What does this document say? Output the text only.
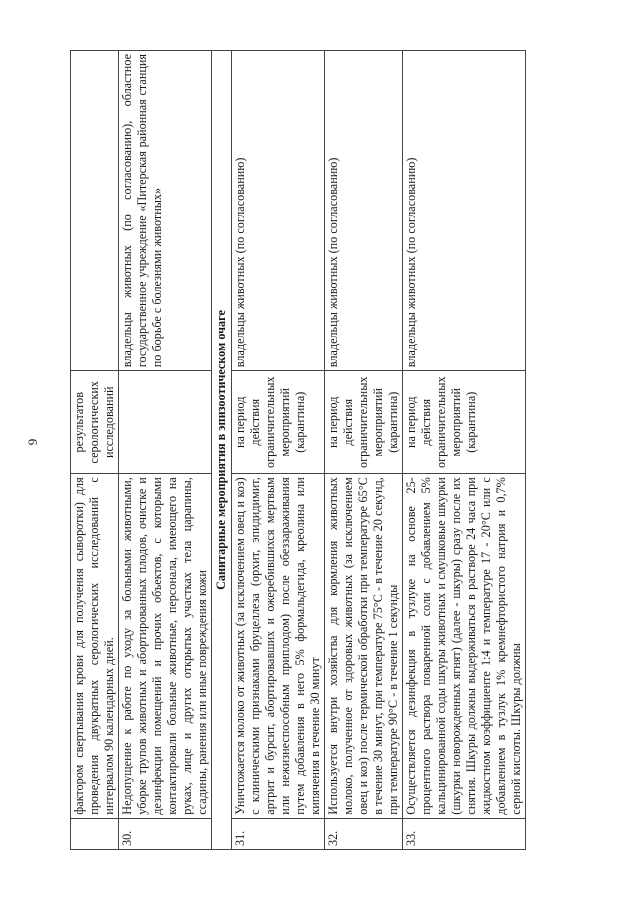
9
	фактором свертывания крови для получения сыворотки) для проведения двукратных серологических исследований с интервалом 90 календарных дней.	результатов серологических исследований	
30.	Недопущение к работе по уходу за больными животными, уборке трупов животных и абортированных плодов, очистке и дезинфекции помещений и прочих объектов, с которыми контактировали больные животные, персонала, имеющего на руках, лице и других открытых участках тела царапины, ссадины, ранения или иные повреждения кожи		владельцы животных (по согласованию), областное государственное учреждение «Питерская районная станция по борьбе с болезнями животных»
Санитарные мероприятия в эпизоотическом очаге			
31.	Уничтожается молоко от животных (за исключением овец и коз) с клиническими признаками бруцеллеза (орхит, эпидидимит, артрит и бурсит, абортировавших и ожеребившихся мертвым или нежизнеспособным приплодом) после обеззараживания путем добавления в него 5% формальдегида, креолина или кипячения в течение 30 минут	на период действия ограничительных мероприятий (карантина)	владельцы животных (по согласованию)
32.	Используется внутри хозяйства для кормления животных молоко, полученное от здоровых животных (за исключением овец и коз) после термической обработки при температуре 65°С в течение 30 минут, при температуре 75°С - в течение 20 секунд, при температуре 90°С - в течение 1 секунды	на период действия ограничительных мероприятий (карантина)	владельцы животных (по согласованию)
33.	Осуществляется дезинфекция в тузлуке на основе 25-процентного раствора поваренной соли с добавлением 5% кальцинированной соды шкуры животных и смушковые шкурки (шкурки новорожденных ягнят) (далее - шкуры) сразу после их снятия. Шкуры должны выдерживаться в растворе 24 часа при жидкостном коэффициенте 1:4 и температуре 17 - 20°С или с добавлением в тузлук 1% кремнефтористого натрия и 0,7% серной кислоты. Шкуры должны	на период действия ограничительных мероприятий (карантина)	владельцы животных (по согласованию)
